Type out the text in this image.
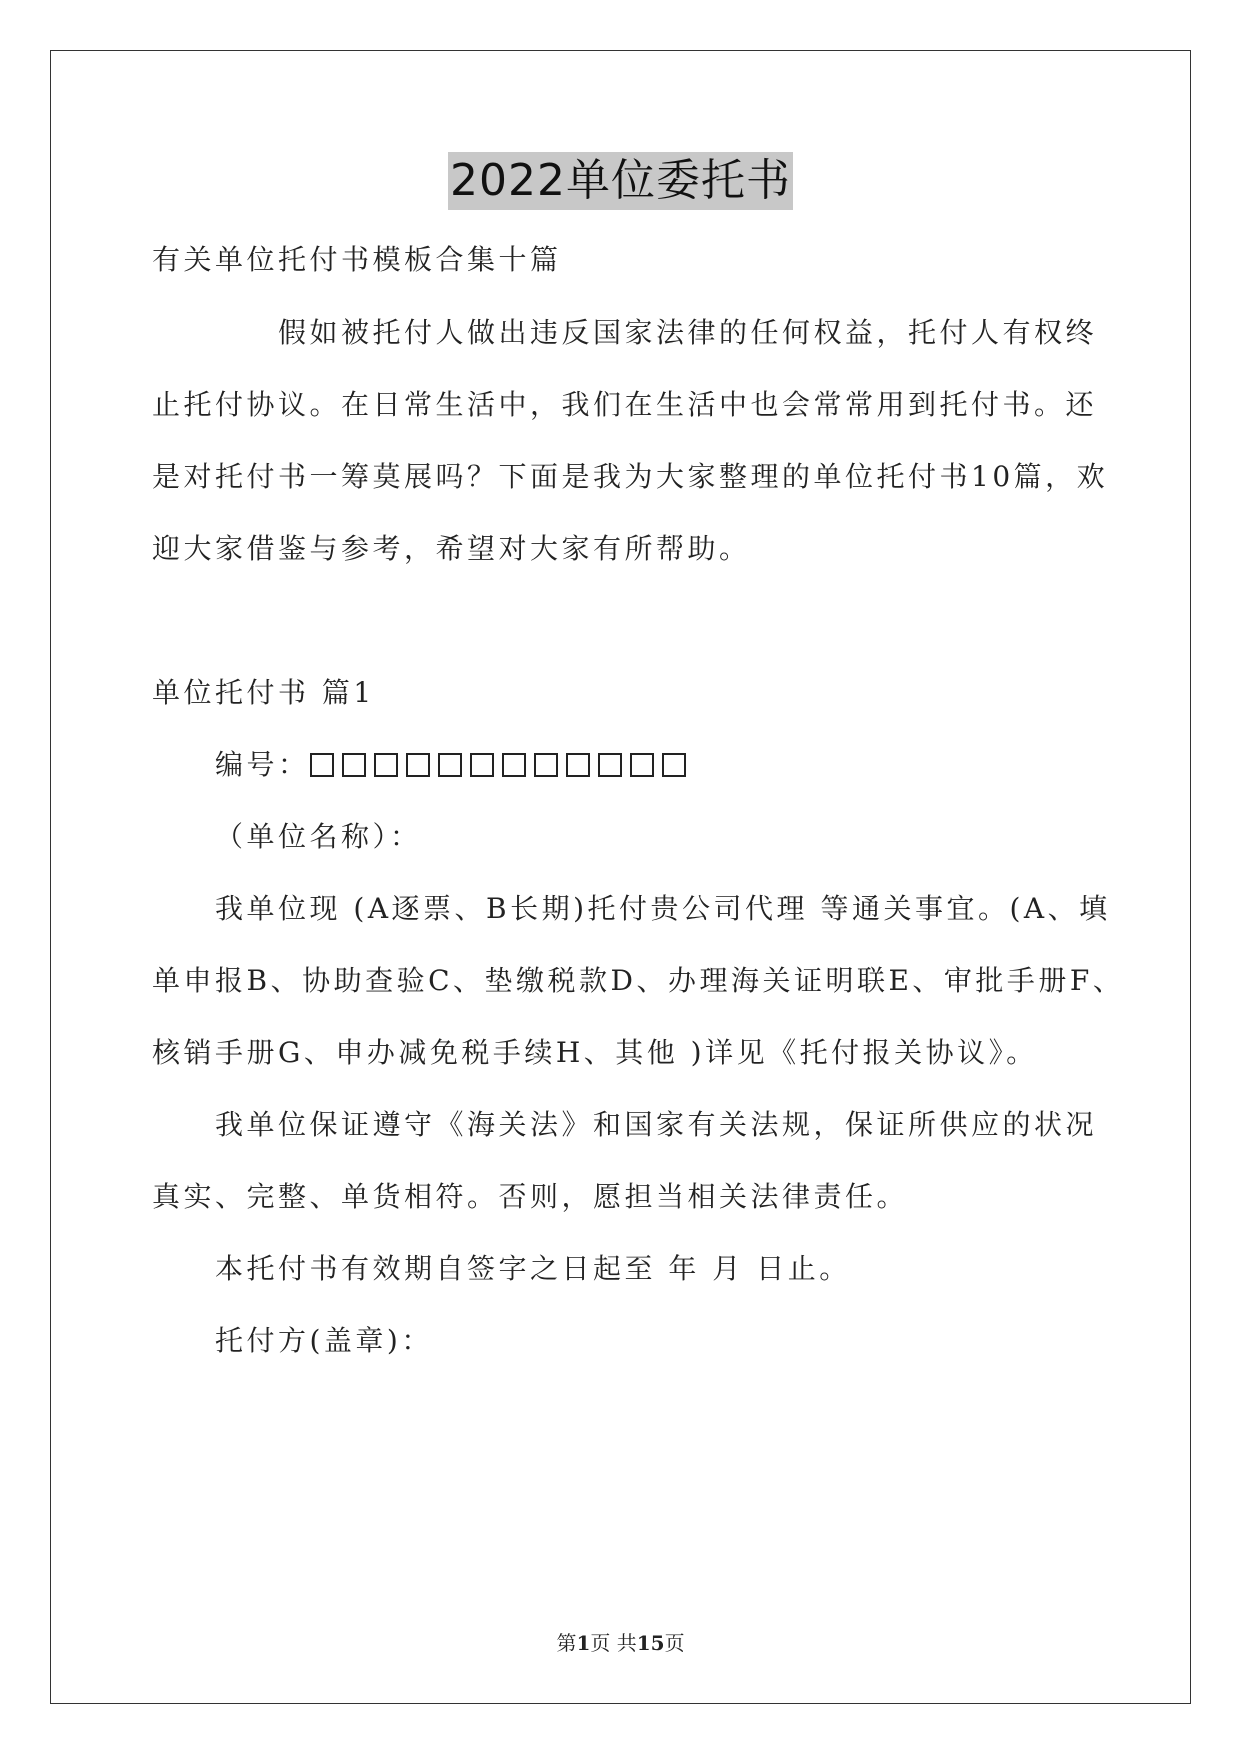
2022单位委托书
有关单位托付书模板合集十篇
假如被托付人做出违反国家法律的任何权益，托付人有权终
止托付协议。在日常生活中，我们在生活中也会常常用到托付书。还
是对托付书一筹莫展吗？下面是我为大家整理的单位托付书10篇，欢
迎大家借鉴与参考，希望对大家有所帮助。
单位托付书 篇1
编号：
（单位名称）：
我单位现 (A逐票、B长期)托付贵公司代理 等通关事宜。(A、填
单申报B、协助查验C、垫缴税款D、办理海关证明联E、审批手册F、
核销手册G、申办减免税手续H、其他 )详见《托付报关协议》。
我单位保证遵守《海关法》和国家有关法规，保证所供应的状况
真实、完整、单货相符。否则，愿担当相关法律责任。
本托付书有效期自签字之日起至 年 月 日止。
托付方(盖章)：
第1页 共15页
